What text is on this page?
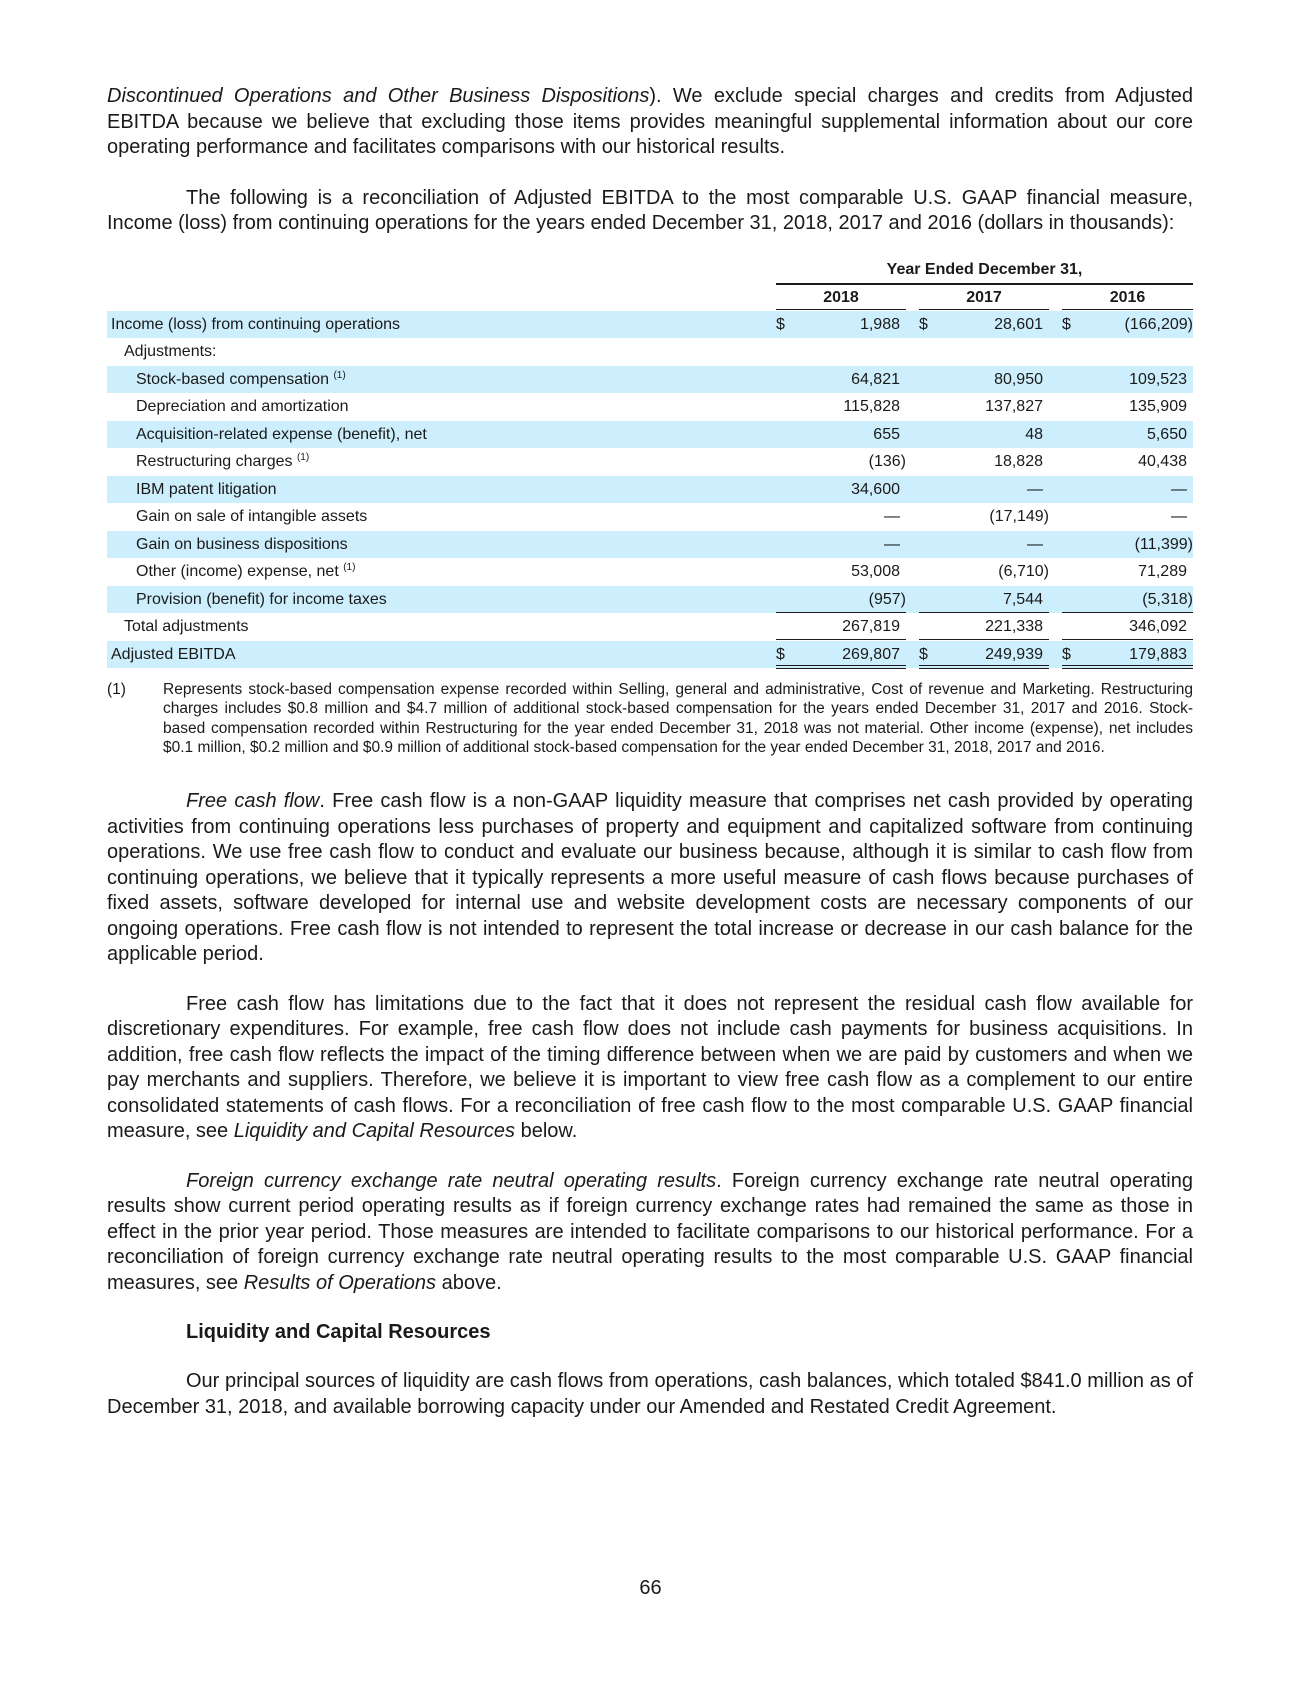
Discontinued Operations and Other Business Dispositions). We exclude special charges and credits from Adjusted EBITDA because we believe that excluding those items provides meaningful supplemental information about our core operating performance and facilitates comparisons with our historical results.

The following is a reconciliation of Adjusted EBITDA to the most comparable U.S. GAAP financial measure, Income (loss) from continuing operations for the years ended December 31, 2018, 2017 and 2016 (dollars in thousands):

Year Ended December 31,
2018	2017	2016
Income (loss) from continuing operations	$	1,988 $	28,601 $	(166,209)
Adjustments:
Stock-based compensation $^{(1)}$	64,821	80,950	109,523
Depreciation and amortization	115,828	137,827	135,909
Acquisition-related expense (benefit), net	655	48	5,650
Restructuring charges $^{(1)}$	(136)	18,828	40,438
IBM patent litigation	34,600	—	—
Gain on sale of intangible assets	—	(17,149)	—
Gain on business dispositions	—	—	(11,399)
Other (income) expense, net $^{(1)}$	53,008	(6,710)	71,289
Provision (benefit) for income taxes	(957)	7,544	(5,318)
Total adjustments	267,819	221,338	346,092
Adjusted EBITDA	$	269,807 $	249,939 $	179,883
(1)	Represents stock-based compensation expense recorded within Selling, general and administrative, Cost of revenue and Marketing. Restructuring charges includes $0.8 million and $4.7 million of additional stock-based compensation for the years ended December 31, 2017 and 2016. Stock-based compensation recorded within Restructuring for the year ended December 31, 2018 was not material. Other income (expense), net includes $0.1 million, $0.2 million and $0.9 million of additional stock-based compensation for the year ended December 31, 2018, 2017 and 2016.

Free cash flow. Free cash flow is a non-GAAP liquidity measure that comprises net cash provided by operating activities from continuing operations less purchases of property and equipment and capitalized software from continuing operations. We use free cash flow to conduct and evaluate our business because, although it is similar to cash flow from continuing operations, we believe that it typically represents a more useful measure of cash flows because purchases of fixed assets, software developed for internal use and website development costs are necessary components of our ongoing operations. Free cash flow is not intended to represent the total increase or decrease in our cash balance for the applicable period.

Free cash flow has limitations due to the fact that it does not represent the residual cash flow available for discretionary expenditures. For example, free cash flow does not include cash payments for business acquisitions. In addition, free cash flow reflects the impact of the timing difference between when we are paid by customers and when we pay merchants and suppliers. Therefore, we believe it is important to view free cash flow as a complement to our entire consolidated statements of cash flows. For a reconciliation of free cash flow to the most comparable U.S. GAAP financial measure, see Liquidity and Capital Resources below.

Foreign currency exchange rate neutral operating results. Foreign currency exchange rate neutral operating results show current period operating results as if foreign currency exchange rates had remained the same as those in effect in the prior year period. Those measures are intended to facilitate comparisons to our historical performance. For a reconciliation of foreign currency exchange rate neutral operating results to the most comparable U.S. GAAP financial measures, see Results of Operations above.

Liquidity and Capital Resources

Our principal sources of liquidity are cash flows from operations, cash balances, which totaled $841.0 million as of December 31, 2018, and available borrowing capacity under our Amended and Restated Credit Agreement.

66
